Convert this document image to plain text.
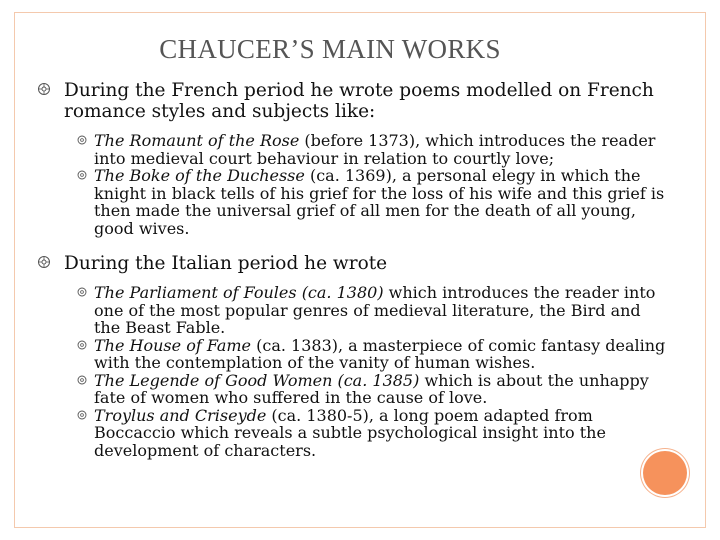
CHAUCER’S MAIN WORKS
During the French period he wrote poems modelled on French romance styles and subjects like:
The Romaunt of the Rose (before 1373), which introduces the reader into medieval court behaviour in relation to courtly love;
The Boke of the Duchesse (ca. 1369), a personal elegy in which the knight in black tells of his grief for the loss of his wife and this grief is then made the universal grief of all men for the death of all young, good wives.
During the Italian period he wrote
The Parliament of Foules (ca. 1380) which introduces the reader into one of the most popular genres of medieval literature, the Bird and the Beast Fable.
The House of Fame (ca. 1383), a masterpiece of comic fantasy dealing with the contemplation of the vanity of human wishes.
The Legende of Good Women (ca. 1385) which is about the unhappy fate of women who suffered in the cause of love.
Troylus and Criseyde (ca. 1380-5), a long poem adapted from Boccaccio which reveals a subtle psychological insight into the development of characters.
